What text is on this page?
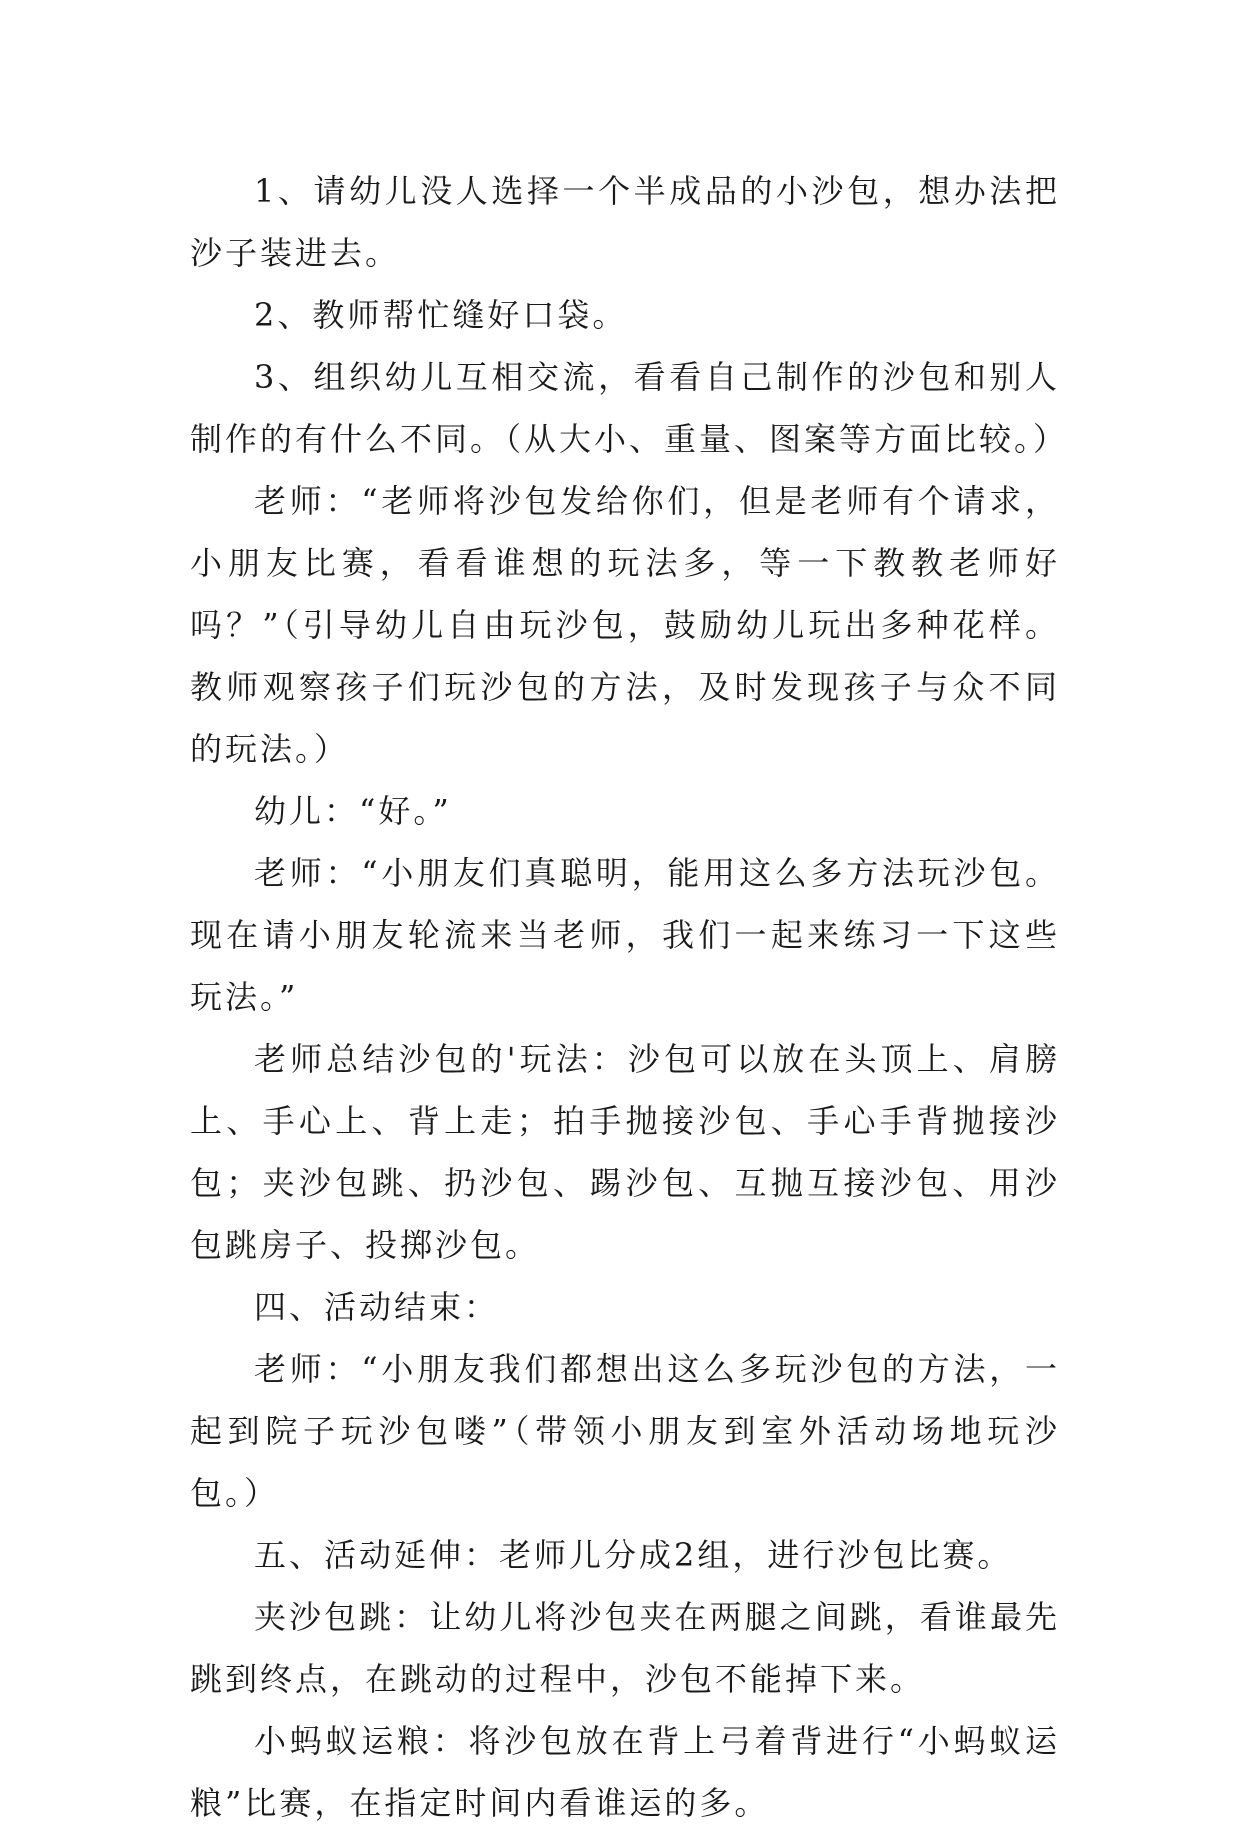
1、请幼儿没人选择一个半成品的小沙包，想办法把沙子装进去。

2、教师帮忙缝好口袋。

3、组织幼儿互相交流，看看自己制作的沙包和别人制作的有什么不同。（从大小、重量、图案等方面比较。）

老师：“老师将沙包发给你们，但是老师有个请求，小朋友比赛，看看谁想的玩法多，等一下教教老师好吗？”（引导幼儿自由玩沙包，鼓励幼儿玩出多种花样。教师观察孩子们玩沙包的方法，及时发现孩子与众不同的玩法。）

幼儿：“好。”

老师：“小朋友们真聪明，能用这么多方法玩沙包。现在请小朋友轮流来当老师，我们一起来练习一下这些玩法。”

老师总结沙包的'玩法：沙包可以放在头顶上、肩膀上、手心上、背上走；拍手抛接沙包、手心手背抛接沙包；夹沙包跳、扔沙包、踢沙包、互抛互接沙包、用沙包跳房子、投掷沙包。

四、活动结束：

老师：“小朋友我们都想出这么多玩沙包的方法，一起到院子玩沙包喽”（带领小朋友到室外活动场地玩沙包。）

五、活动延伸：老师儿分成2组，进行沙包比赛。

夹沙包跳：让幼儿将沙包夹在两腿之间跳，看谁最先跳到终点，在跳动的过程中，沙包不能掉下来。

小蚂蚁运粮：将沙包放在背上弓着背进行“小蚂蚁运粮”比赛，在指定时间内看谁运的多。
